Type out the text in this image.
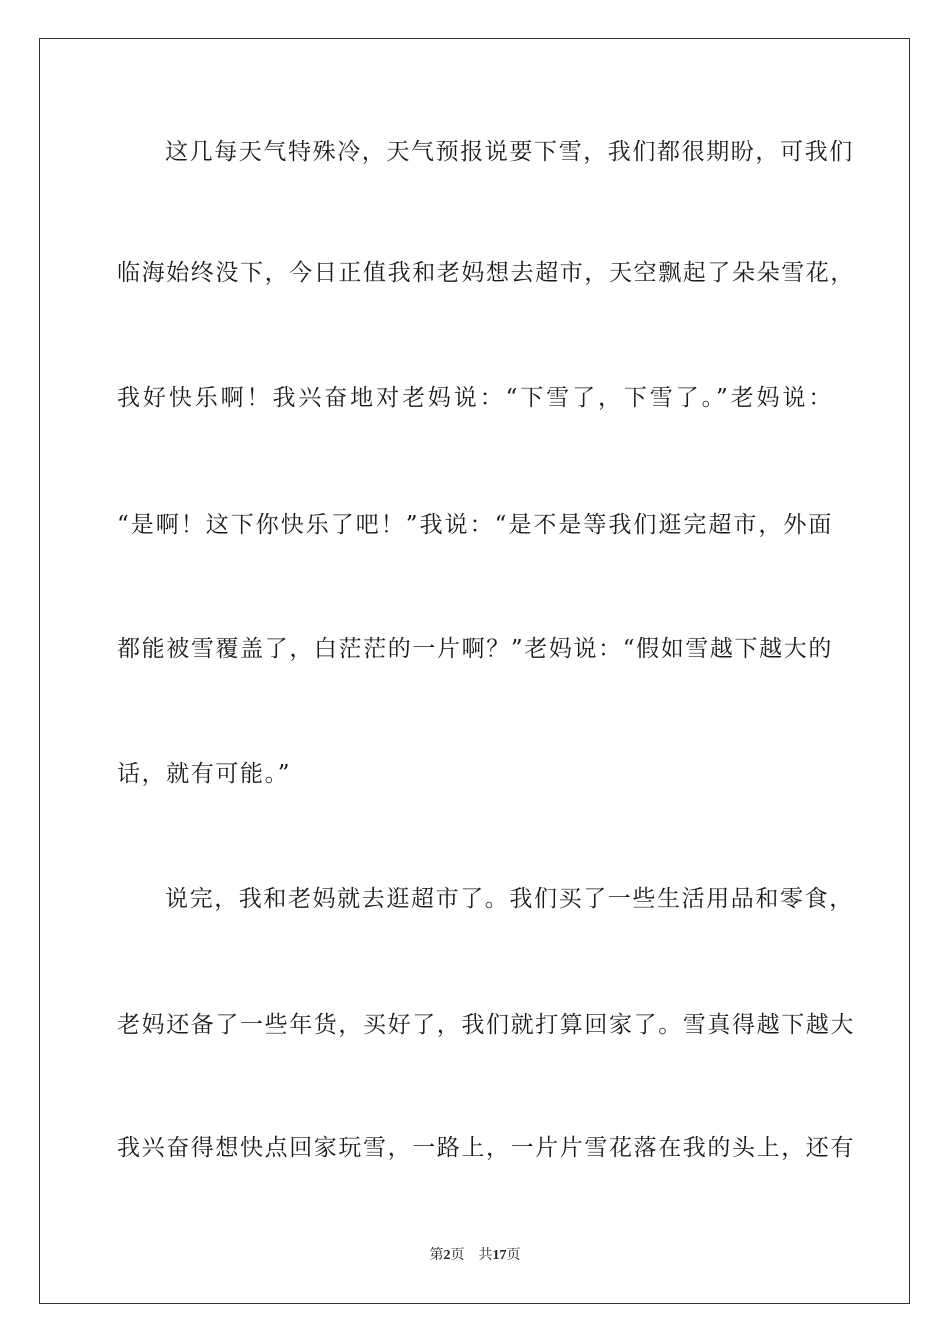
这几每天气特殊冷，天气预报说要下雪，我们都很期盼，可我们
临海始终没下，今日正值我和老妈想去超市，天空飘起了朵朵雪花，
我好快乐啊！我兴奋地对老妈说：“下雪了，下雪了。”老妈说：
“是啊！这下你快乐了吧！”我说：“是不是等我们逛完超市，外面
都能被雪覆盖了，白茫茫的一片啊？”老妈说：“假如雪越下越大的
话，就有可能。”
说完，我和老妈就去逛超市了。我们买了一些生活用品和零食，
老妈还备了一些年货，买好了，我们就打算回家了。雪真得越下越大
我兴奋得想快点回家玩雪，一路上，一片片雪花落在我的头上，还有
第2页 共17页
